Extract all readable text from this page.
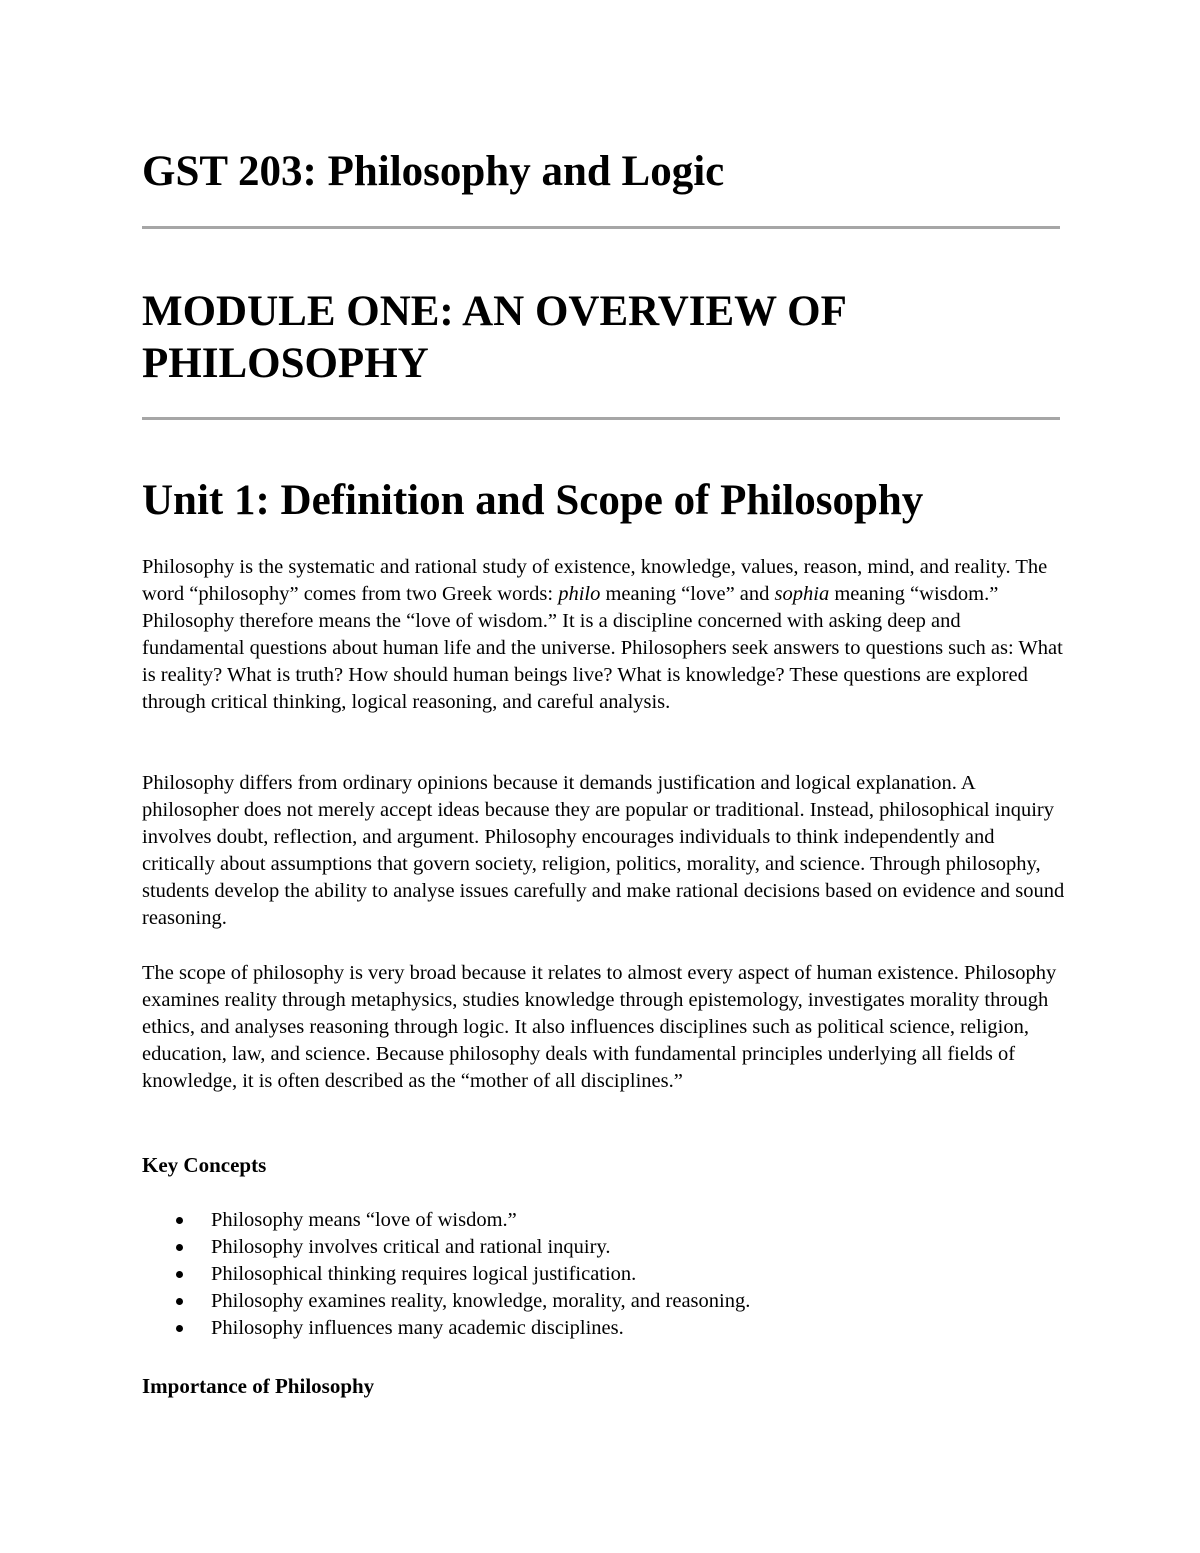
GST 203: Philosophy and Logic
MODULE ONE: AN OVERVIEW OF PHILOSOPHY
Unit 1: Definition and Scope of Philosophy

Philosophy is the systematic and rational study of existence, knowledge, values, reason, mind, and reality. The word “philosophy” comes from two Greek words: philo meaning “love” and sophia meaning “wisdom.” Philosophy therefore means the “love of wisdom.” It is a discipline concerned with asking deep and fundamental questions about human life and the universe. Philosophers seek answers to questions such as: What is reality? What is truth? How should human beings live? What is knowledge? These questions are explored through critical thinking, logical reasoning, and careful analysis.

Philosophy differs from ordinary opinions because it demands justification and logical explanation. A philosopher does not merely accept ideas because they are popular or traditional. Instead, philosophical inquiry involves doubt, reflection, and argument. Philosophy encourages individuals to think independently and critically about assumptions that govern society, religion, politics, morality, and science. Through philosophy, students develop the ability to analyse issues carefully and make rational decisions based on evidence and sound reasoning.

The scope of philosophy is very broad because it relates to almost every aspect of human existence. Philosophy examines reality through metaphysics, studies knowledge through epistemology, investigates morality through ethics, and analyses reasoning through logic. It also influences disciplines such as political science, religion, education, law, and science. Because philosophy deals with fundamental principles underlying all fields of knowledge, it is often described as the “mother of all disciplines.”

Key Concepts
Philosophy means “love of wisdom.”
Philosophy involves critical and rational inquiry.
Philosophical thinking requires logical justification.
Philosophy examines reality, knowledge, morality, and reasoning.
Philosophy influences many academic disciplines.
Importance of Philosophy
